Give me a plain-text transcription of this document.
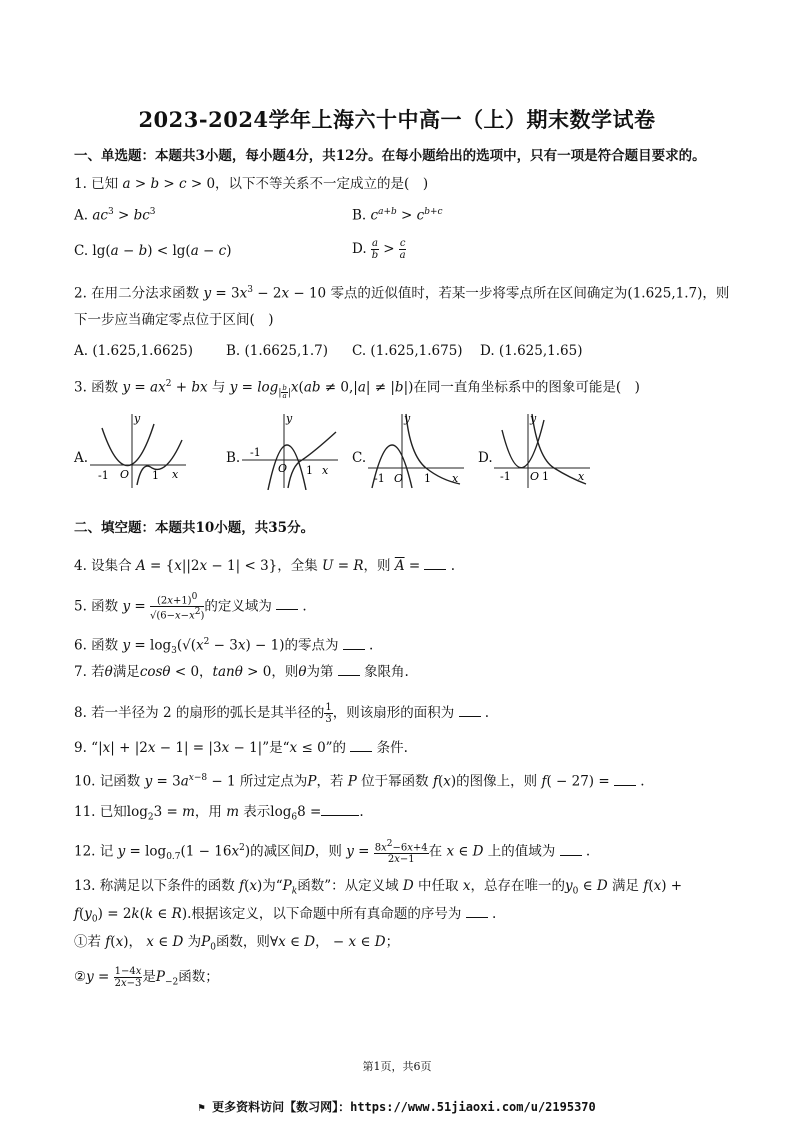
2023-2024学年上海六十中高一（上）期末数学试卷
一、单选题：本题共3小题，每小题4分，共12分。在每小题给出的选项中，只有一项是符合题目要求的。
1. 已知 a > b > c > 0，以下不等关系不一定成立的是(　)
A. $ac^3 > bc^3$	B. $c^{a+b} > c^{b+c}$
C. lg(a − b) < lg(a − c)	D. $\frac{a}{b} > \frac{c}{a}$
2. 在用二分法求函数 $y = 3x^3 - 2x - 10$ 零点的近似值时，若某一步将零点所在区间确定为(1.625,1.7)，则
下一步应当确定零点位于区间(　)
A. (1.625,1.6625) B. (1.6625,1.7) C. (1.625,1.675) D. (1.625,1.65)
3. 函数 $y = ax^2$ + bx 与 $y = \log_{| \frac{b}{a} |}x(ab \ne 0,|a| \ne |b|)$在同一直角坐标系中的图象可能是(　)
A.
y
x
-1 O 1
B.
y
x
-1
O 1
C.
y
x
-1 O 1
D.
y
x
-1 O 1
二、填空题：本题共10小题，共35分。
4. 设集合 A = {x||2x − 1| < 3}，全集 U = R，则 $\overline{A}$ =  .
5. 函数 $y = \frac{(2x+1)^0}{√(6-x-x^2)}$ 的定义域为  .
6. 函数 $y = \log_3(√(x^2 - 3x) - 1)$的零点为  .
7. 若θ满足cosθ < 0，tanθ > 0，则θ为第 象限角.
8. 若一半径为 2 的扇形的弧长是其半径的 $\frac{1}{3}$ ，则该扇形的面积为  .
9. “|x| + |2x − 1| = |3x − 1|”是“x ≤ 0”的 条件.
10. 记函数 $y = 3a^{x-8} - 1$ 所过定点为P，若 P 位于幂函数 f(x)的图像上，则 f( − 27) =  .
11. 已知$\log_23 = m$，用 m 表示$\log_68$ =	.
12. 记 $y = \log_{0.7}(1 - 16x^2)$的减区间D，则 $y = \frac{8x^2-6x+4}{2x-1}$ 在 x ∈ D 上的值域为  .
13. 称满足以下条件的函数 f(x)为“$P_k$函数”：从定义域 D 中任取 x，总存在唯一的$y_0$ ∈ D 满足 f(x) +
$f(y_0) = 2k(k$ ∈ R).根据该定义，以下命题中所有真命题的序号为  .
①若 f(x)， x ∈ D 为$P_0$函数，则∀x ∈ D， − x ∈ D；
②y = $\frac{1-4x}{2x-3}$ 是$P_{-2}$函数；
第1页，共6页
⚑ 更多资料访问【数习网】：https://www.51jiaoxi.com/u/2195370
